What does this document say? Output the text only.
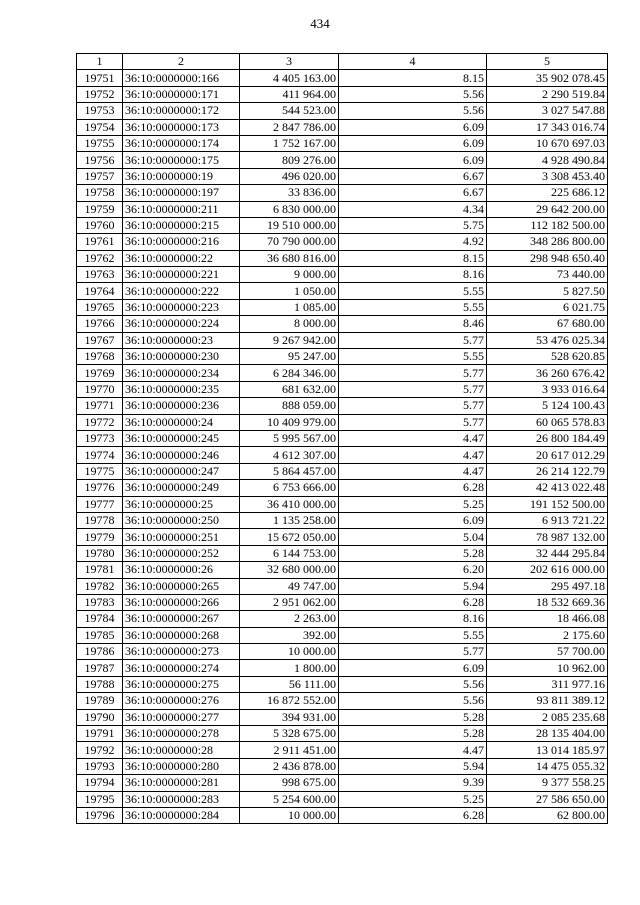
434
1	2	3	4	5
19751	36:10:0000000:166	4 405 163.00	8.15	35 902 078.45
19752	36:10:0000000:171	411 964.00	5.56	2 290 519.84
19753	36:10:0000000:172	544 523.00	5.56	3 027 547.88
19754	36:10:0000000:173	2 847 786.00	6.09	17 343 016.74
19755	36:10:0000000:174	1 752 167.00	6.09	10 670 697.03
19756	36:10:0000000:175	809 276.00	6.09	4 928 490.84
19757	36:10:0000000:19	496 020.00	6.67	3 308 453.40
19758	36:10:0000000:197	33 836.00	6.67	225 686.12
19759	36:10:0000000:211	6 830 000.00	4.34	29 642 200.00
19760	36:10:0000000:215	19 510 000.00	5.75	112 182 500.00
19761	36:10:0000000:216	70 790 000.00	4.92	348 286 800.00
19762	36:10:0000000:22	36 680 816.00	8.15	298 948 650.40
19763	36:10:0000000:221	9 000.00	8.16	73 440.00
19764	36:10:0000000:222	1 050.00	5.55	5 827.50
19765	36:10:0000000:223	1 085.00	5.55	6 021.75
19766	36:10:0000000:224	8 000.00	8.46	67 680.00
19767	36:10:0000000:23	9 267 942.00	5.77	53 476 025.34
19768	36:10:0000000:230	95 247.00	5.55	528 620.85
19769	36:10:0000000:234	6 284 346.00	5.77	36 260 676.42
19770	36:10:0000000:235	681 632.00	5.77	3 933 016.64
19771	36:10:0000000:236	888 059.00	5.77	5 124 100.43
19772	36:10:0000000:24	10 409 979.00	5.77	60 065 578.83
19773	36:10:0000000:245	5 995 567.00	4.47	26 800 184.49
19774	36:10:0000000:246	4 612 307.00	4.47	20 617 012.29
19775	36:10:0000000:247	5 864 457.00	4.47	26 214 122.79
19776	36:10:0000000:249	6 753 666.00	6.28	42 413 022.48
19777	36:10:0000000:25	36 410 000.00	5.25	191 152 500.00
19778	36:10:0000000:250	1 135 258.00	6.09	6 913 721.22
19779	36:10:0000000:251	15 672 050.00	5.04	78 987 132.00
19780	36:10:0000000:252	6 144 753.00	5.28	32 444 295.84
19781	36:10:0000000:26	32 680 000.00	6.20	202 616 000.00
19782	36:10:0000000:265	49 747.00	5.94	295 497.18
19783	36:10:0000000:266	2 951 062.00	6.28	18 532 669.36
19784	36:10:0000000:267	2 263.00	8.16	18 466.08
19785	36:10:0000000:268	392.00	5.55	2 175.60
19786	36:10:0000000:273	10 000.00	5.77	57 700.00
19787	36:10:0000000:274	1 800.00	6.09	10 962.00
19788	36:10:0000000:275	56 111.00	5.56	311 977.16
19789	36:10:0000000:276	16 872 552.00	5.56	93 811 389.12
19790	36:10:0000000:277	394 931.00	5.28	2 085 235.68
19791	36:10:0000000:278	5 328 675.00	5.28	28 135 404.00
19792	36:10:0000000:28	2 911 451.00	4.47	13 014 185.97
19793	36:10:0000000:280	2 436 878.00	5.94	14 475 055.32
19794	36:10:0000000:281	998 675.00	9.39	9 377 558.25
19795	36:10:0000000:283	5 254 600.00	5.25	27 586 650.00
19796	36:10:0000000:284	10 000.00	6.28	62 800.00
